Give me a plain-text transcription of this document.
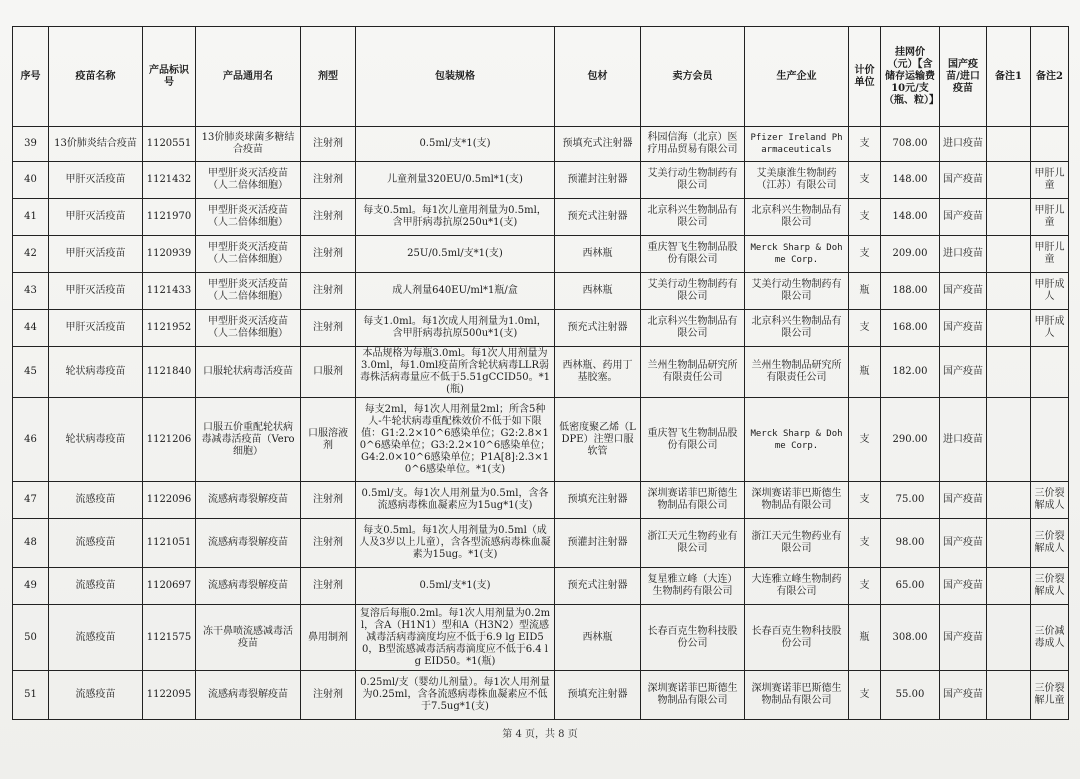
序号	疫苗名称	产品标识号	产品通用名	剂型	包装规格	包材	卖方会员	生产企业	计价单位	挂网价（元）【含储存运输费10元/支（瓶、粒）】	国产疫苗/进口疫苗	备注1	备注2
39	13价肺炎结合疫苗	1120551	13价肺炎球菌多糖结合疫苗	注射剂	0.5ml/支*1(支)	预填充式注射器	科园信海（北京）医疗用品贸易有限公司	Pfizer Ireland Pharmaceuticals	支	708.00	进口疫苗		
40	甲肝灭活疫苗	1121432	甲型肝炎灭活疫苗（人二倍体细胞）	注射剂	儿童剂量320EU/0.5ml*1(支)	预灌封注射器	艾美行动生物制药有限公司	艾美康淮生物制药（江苏）有限公司	支	148.00	国产疫苗		甲肝儿童
41	甲肝灭活疫苗	1121970	甲型肝炎灭活疫苗（人二倍体细胞）	注射剂	每支0.5ml。每1次儿童用剂量为0.5ml，含甲肝病毒抗原250u*1(支)	预充式注射器	北京科兴生物制品有限公司	北京科兴生物制品有限公司	支	148.00	国产疫苗		甲肝儿童
42	甲肝灭活疫苗	1120939	甲型肝炎灭活疫苗（人二倍体细胞）	注射剂	25U/0.5ml/支*1(支)	西林瓶	重庆智飞生物制品股份有限公司	Merck Sharp & Dohme Corp.	支	209.00	进口疫苗		甲肝儿童
43	甲肝灭活疫苗	1121433	甲型肝炎灭活疫苗（人二倍体细胞）	注射剂	成人剂量640EU/ml*1瓶/盒	西林瓶	艾美行动生物制药有限公司	艾美行动生物制药有限公司	瓶	188.00	国产疫苗		甲肝成人
44	甲肝灭活疫苗	1121952	甲型肝炎灭活疫苗（人二倍体细胞）	注射剂	每支1.0ml。每1次成人用剂量为1.0ml，含甲肝病毒抗原500u*1(支)	预充式注射器	北京科兴生物制品有限公司	北京科兴生物制品有限公司	支	168.00	国产疫苗		甲肝成人
45	轮状病毒疫苗	1121840	口服轮状病毒活疫苗	口服剂	本品规格为每瓶3.0ml。每1次人用剂量为3.0ml，每1.0ml疫苗所含轮状病毒LLR弱毒株活病毒量应不低于5.51gCCID50。*1(瓶)	西林瓶、药用丁基胶塞。	兰州生物制品研究所有限责任公司	兰州生物制品研究所有限责任公司	瓶	182.00	国产疫苗		
46	轮状病毒疫苗	1121206	口服五价重配轮状病毒减毒活疫苗（Vero细胞）	口服溶液剂	每支2ml，每1次人用剂量2ml；所含5种人-牛轮状病毒重配株效价不低于如下限值：G1:2.2×10^6感染单位；G2:2.8×10^6感染单位；G3:2.2×10^6感染单位；G4:2.0×10^6感染单位；P1A[8]:2.3×10^6感染单位。*1(支)	低密度聚乙烯（LDPE）注塑口服软管	重庆智飞生物制品股份有限公司	Merck Sharp & Dohme Corp.	支	290.00	进口疫苗		
47	流感疫苗	1122096	流感病毒裂解疫苗	注射剂	0.5ml/支。每1次人用剂量为0.5ml，含各流感病毒株血凝素应为15ug*1(支)	预填充注射器	深圳赛诺菲巴斯德生物制品有限公司	深圳赛诺菲巴斯德生物制品有限公司	支	75.00	国产疫苗		三价裂解成人
48	流感疫苗	1121051	流感病毒裂解疫苗	注射剂	每支0.5ml。每1次人用剂量为0.5ml（成人及3岁以上儿童），含各型流感病毒株血凝素为15ug。*1(支)	预灌封注射器	浙江天元生物药业有限公司	浙江天元生物药业有限公司	支	98.00	国产疫苗		三价裂解成人
49	流感疫苗	1120697	流感病毒裂解疫苗	注射剂	0.5ml/支*1(支)	预充式注射器	复星雅立峰（大连）生物制药有限公司	大连雅立峰生物制药有限公司	支	65.00	国产疫苗		三价裂解成人
50	流感疫苗	1121575	冻干鼻喷流感减毒活疫苗	鼻用制剂	复溶后每瓶0.2ml。每1次人用剂量为0.2ml，含A（H1N1）型和A（H3N2）型流感减毒活病毒滴度均应不低于6.9 lg EID50，B型流感减毒活病毒滴度应不低于6.4 lg EID50。*1(瓶)	西林瓶	长春百克生物科技股份公司	长春百克生物科技股份公司	瓶	308.00	国产疫苗		三价减毒成人
51	流感疫苗	1122095	流感病毒裂解疫苗	注射剂	0.25ml/支（婴幼儿剂量）。每1次人用剂量为0.25ml，含各流感病毒株血凝素应不低于7.5ug*1(支)	预填充注射器	深圳赛诺菲巴斯德生物制品有限公司	深圳赛诺菲巴斯德生物制品有限公司	支	55.00	国产疫苗		三价裂解儿童
第 4 页，共 8 页
